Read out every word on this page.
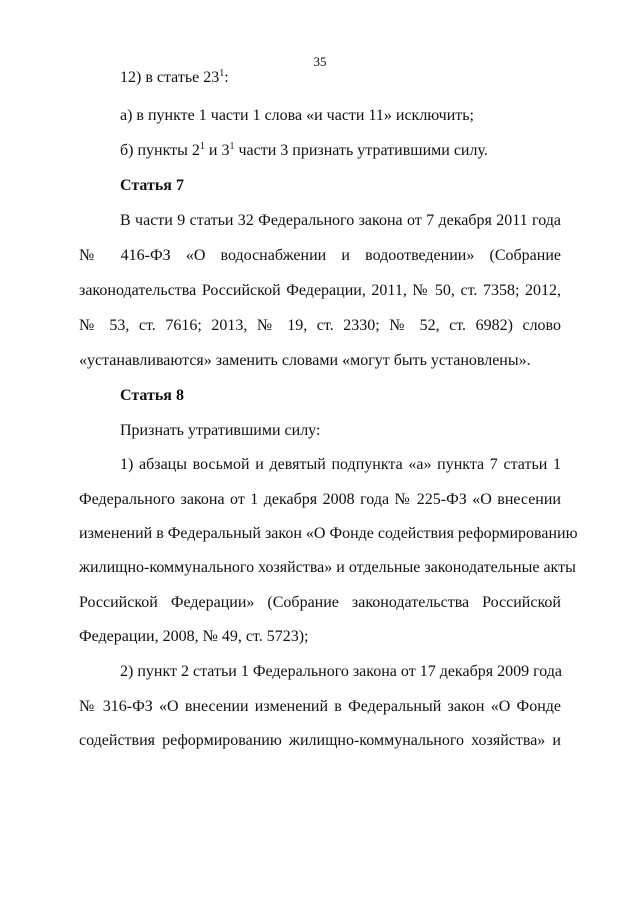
35
12) в статье $23^1$:
а) в пункте 1 части 1 слова «и части 11» исключить;
б) пункты $2^1$ и $3^1$ части 3 признать утратившими силу.
Статья 7
В части 9 статьи 32 Федерального закона от 7 декабря 2011 года
№ 416-ФЗ «О водоснабжении и водоотведении» (Собрание
законодательства Российской Федерации, 2011, № 50, ст. 7358; 2012,
№ 53, ст. 7616; 2013, № 19, ст. 2330; № 52, ст. 6982) слово
«устанавливаются» заменить словами «могут быть установлены».
Статья 8
Признать утратившими силу:
1) абзацы восьмой и девятый подпункта «а» пункта 7 статьи 1
Федерального закона от 1 декабря 2008 года № 225-ФЗ «О внесении
изменений в Федеральный закон «О Фонде содействия реформированию
жилищно-коммунального хозяйства» и отдельные законодательные акты
Российской Федерации» (Собрание законодательства Российской
Федерации, 2008, № 49, ст. 5723);
2) пункт 2 статьи 1 Федерального закона от 17 декабря 2009 года
№ 316-ФЗ «О внесении изменений в Федеральный закон «О Фонде
содействия реформированию жилищно-коммунального хозяйства» и
